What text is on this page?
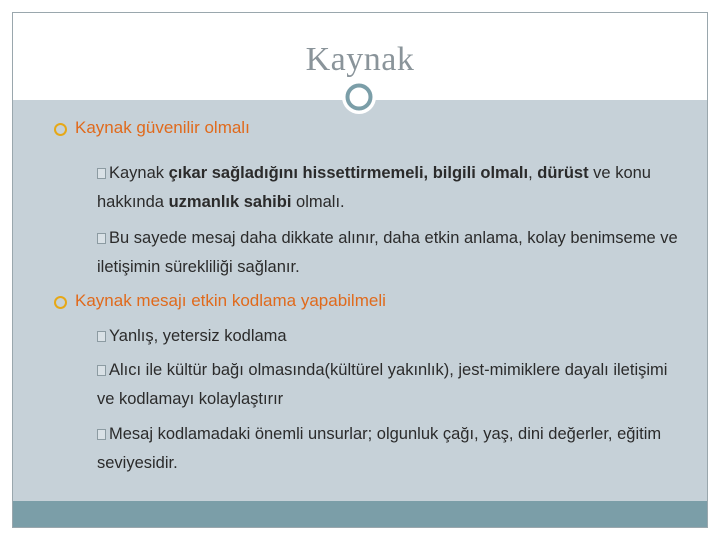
Kaynak
Kaynak güvenilir olmalı
Kaynak çıkar sağladığını hissettirmemeli, bilgili olmalı, dürüst ve konu hakkında uzmanlık sahibi olmalı.
Bu sayede mesaj daha dikkate alınır, daha etkin anlama, kolay benimseme ve iletişimin sürekliliği sağlanır.
Kaynak mesajı etkin kodlama yapabilmeli
Yanlış, yetersiz kodlama
Alıcı ile kültür bağı olmasında(kültürel yakınlık), jest-mimiklere dayalı iletişimi ve kodlamayı kolaylaştırır
Mesaj kodlamadaki önemli unsurlar; olgunluk çağı, yaş, dini değerler, eğitim seviyesidir.
